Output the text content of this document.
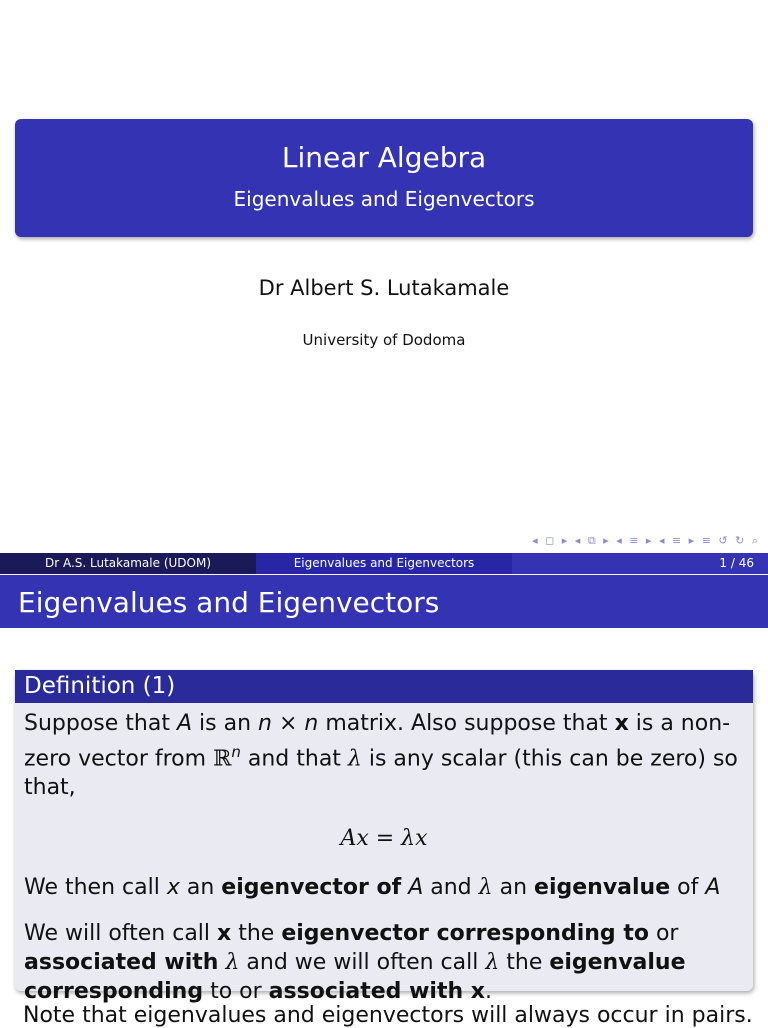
Linear Algebra
Eigenvalues and Eigenvectors
Dr Albert S. Lutakamale
University of Dodoma
◂ ◻ ▸ ◂ ⧉ ▸ ◂ ≡ ▸ ◂ ≡ ▸ ≡ ↺ ↻ ⌕
Dr A.S. Lutakamale (UDOM)	Eigenvalues and Eigenvectors	1 / 46
Eigenvalues and Eigenvectors
Definition (1)

Suppose that A is an n × n matrix. Also suppose that x is a non-zero vector from ℝ$^n$ and that λ is any scalar (this can be zero) so that,

Ax = λx

We then call x an eigenvector of A and λ an eigenvalue of A

We will often call x the eigenvector corresponding to or associated with λ and we will often call λ the eigenvalue corresponding to or associated with x.

Note that eigenvalues and eigenvectors will always occur in pairs.
